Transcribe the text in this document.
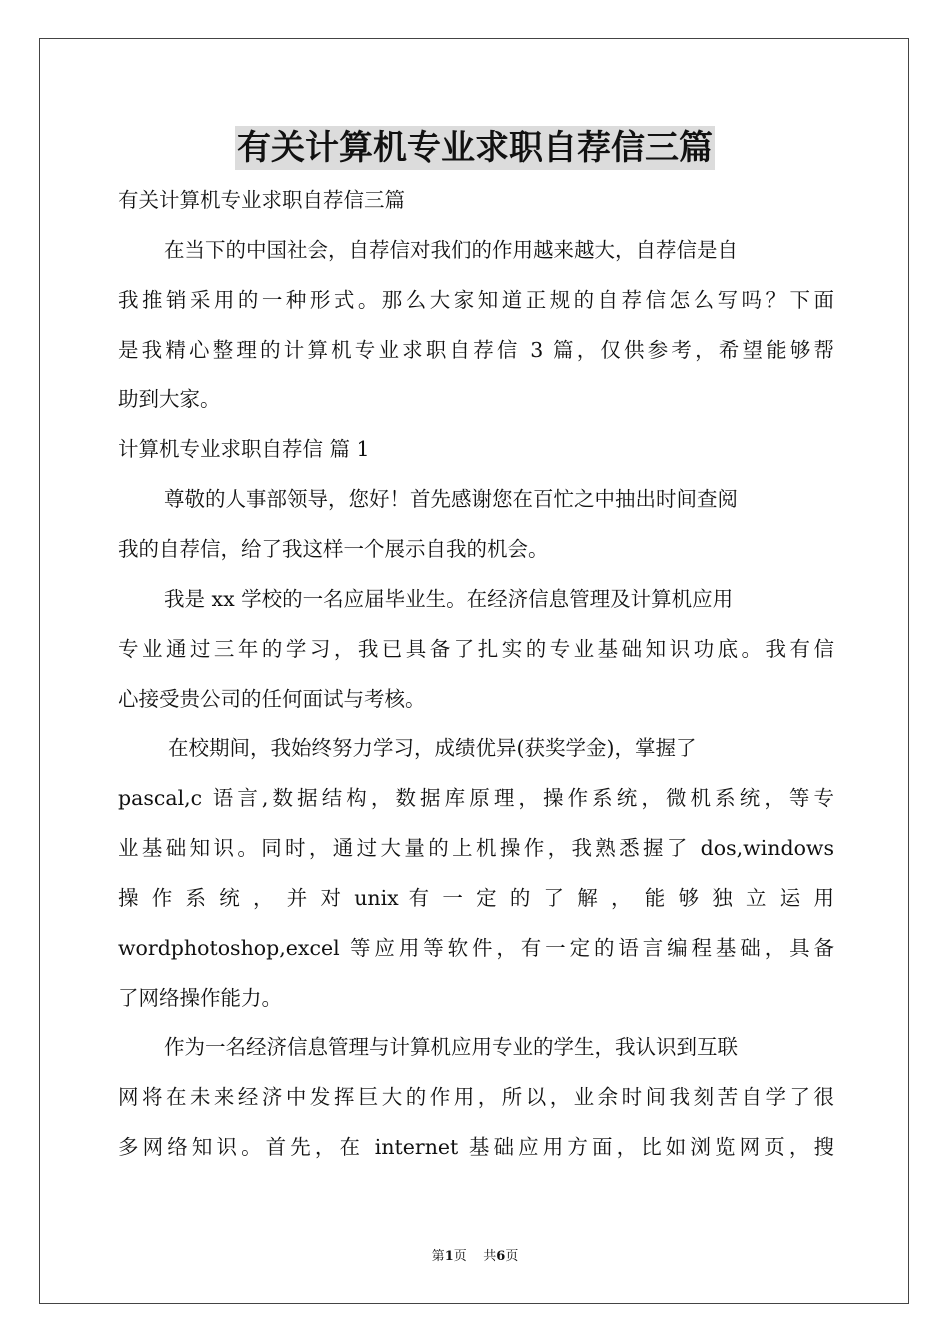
有关计算机专业求职自荐信三篇
有关计算机专业求职自荐信三篇
在当下的中国社会，自荐信对我们的作用越来越大，自荐信是自
我推销采用的一种形式。那么大家知道正规的自荐信怎么写吗？下面
是我精心整理的计算机专业求职自荐信 3 篇，仅供参考，希望能够帮
助到大家。
计算机专业求职自荐信 篇 1
尊敬的人事部领导，您好！首先感谢您在百忙之中抽出时间查阅
我的自荐信，给了我这样一个展示自我的机会。
我是 xx 学校的一名应届毕业生。在经济信息管理及计算机应用
专业通过三年的学习，我已具备了扎实的专业基础知识功底。我有信
心接受贵公司的任何面试与考核。
在校期间，我始终努力学习，成绩优异(获奖学金)，掌握了
pascal,c 语言,数据结构，数据库原理，操作系统，微机系统，等专
业基础知识。同时，通过大量的上机操作，我熟悉握了 dos,windows
操 作 系 统 ， 并 对 unix 有 一 定 的 了 解 ， 能 够 独 立 运 用
wordphotoshop,excel 等应用等软件，有一定的语言编程基础，具备
了网络操作能力。
作为一名经济信息管理与计算机应用专业的学生，我认识到互联
网将在未来经济中发挥巨大的作用，所以，业余时间我刻苦自学了很
多网络知识。首先，在 internet 基础应用方面，比如浏览网页，搜
第1页    共6页
